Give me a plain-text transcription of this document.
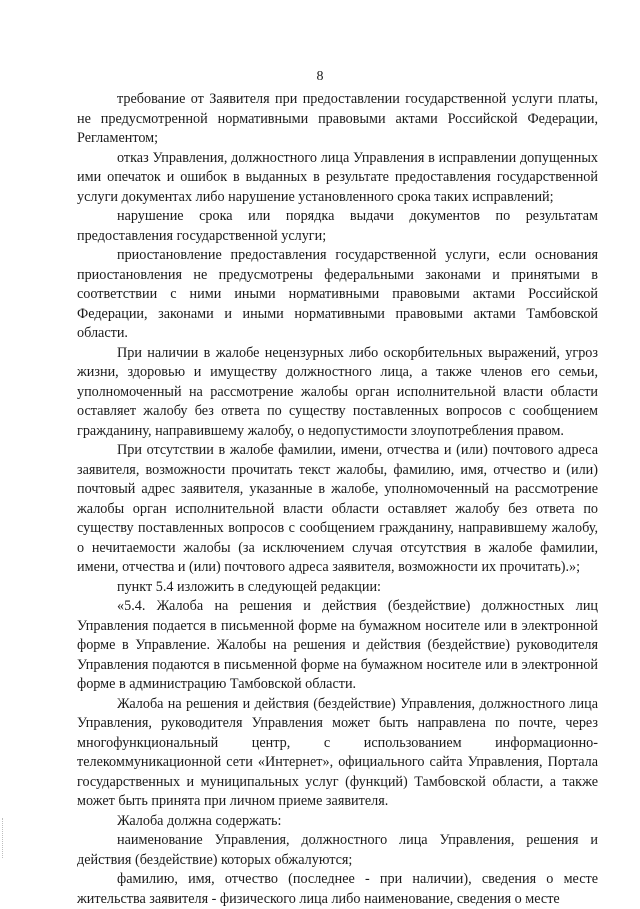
8

требование от Заявителя при предоставлении государственной услуги платы, не предусмотренной нормативными правовыми актами Российской Федерации, Регламентом;

отказ Управления, должностного лица Управления в исправлении допущенных ими опечаток и ошибок в выданных в результате предоставления государственной услуги документах либо нарушение установленного срока таких исправлений;

нарушение срока или порядка выдачи документов по результатам предоставления государственной услуги;

приостановление предоставления государственной услуги, если основания приостановления не предусмотрены федеральными законами и принятыми в соответствии с ними иными нормативными правовыми актами Российской Федерации, законами и иными нормативными правовыми актами Тамбовской области.

При наличии в жалобе нецензурных либо оскорбительных выражений, угроз жизни, здоровью и имуществу должностного лица, а также членов его семьи, уполномоченный на рассмотрение жалобы орган исполнительной власти области оставляет жалобу без ответа по существу поставленных вопросов с сообщением гражданину, направившему жалобу, о недопустимости злоупотребления правом.

При отсутствии в жалобе фамилии, имени, отчества и (или) почтового адреса заявителя, возможности прочитать текст жалобы, фамилию, имя, отчество и (или) почтовый адрес заявителя, указанные в жалобе, уполномоченный на рассмотрение жалобы орган исполнительной власти области оставляет жалобу без ответа по существу поставленных вопросов с сообщением гражданину, направившему жалобу, о нечитаемости жалобы (за исключением случая отсутствия в жалобе фамилии, имени, отчества и (или) почтового адреса заявителя, возможности их прочитать).»;

пункт 5.4 изложить в следующей редакции:

«5.4. Жалоба на решения и действия (бездействие) должностных лиц Управления подается в письменной форме на бумажном носителе или в электронной форме в Управление. Жалобы на решения и действия (бездействие) руководителя Управления подаются в письменной форме на бумажном носителе или в электронной форме в администрацию Тамбовской области.

Жалоба на решения и действия (бездействие) Управления, должностного лица Управления, руководителя Управления может быть направлена по почте, через многофункциональный центр, с использованием информационно-телекоммуникационной сети «Интернет», официального сайта Управления, Портала государственных и муниципальных услуг (функций) Тамбовской области, а также может быть принята при личном приеме заявителя.

Жалоба должна содержать:

наименование Управления, должностного лица Управления, решения и действия (бездействие) которых обжалуются;

фамилию, имя, отчество (последнее - при наличии), сведения о месте жительства заявителя - физического лица либо наименование, сведения о месте
